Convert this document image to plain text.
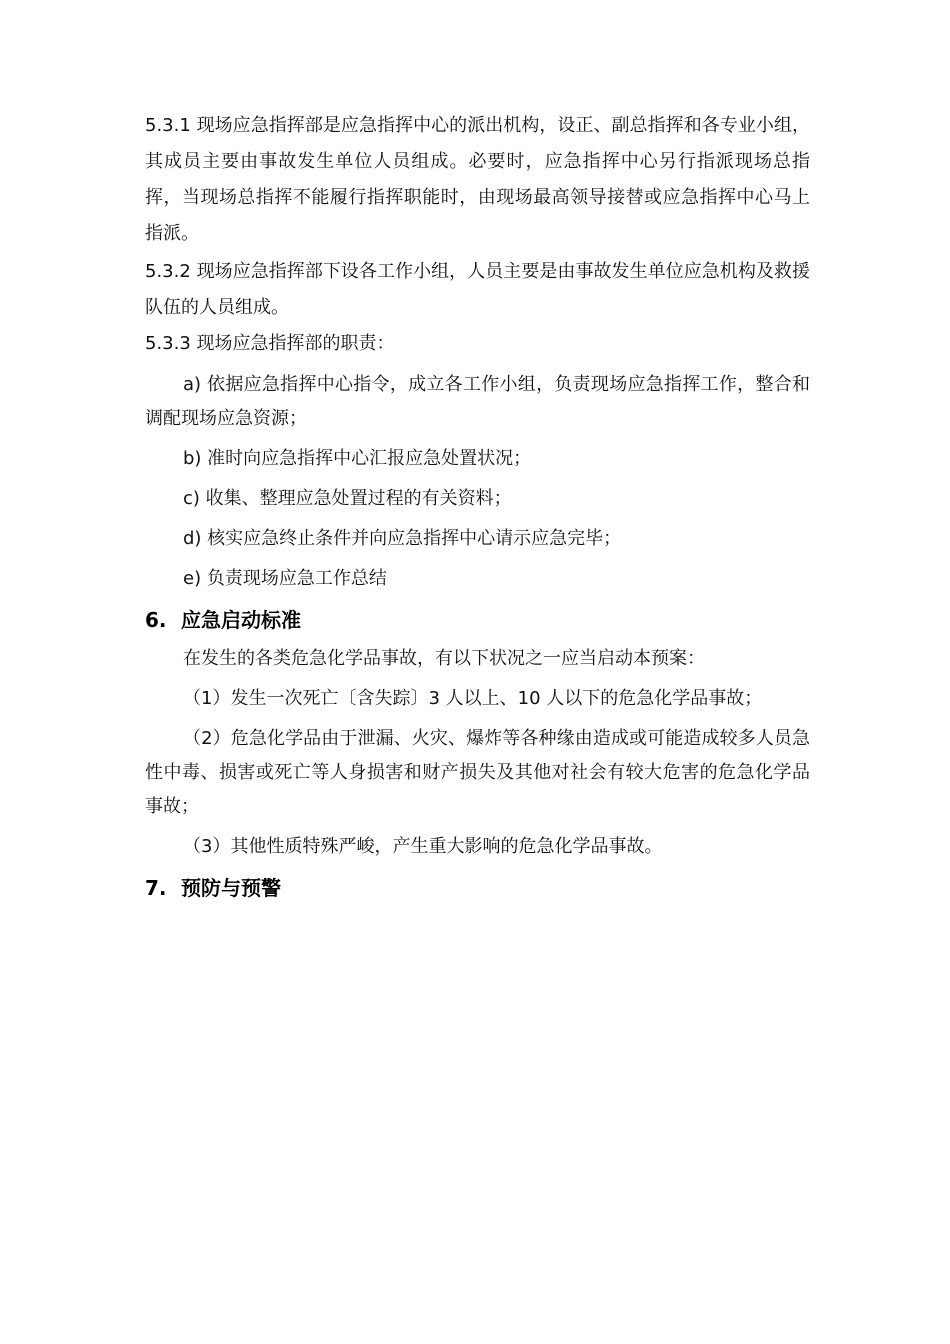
5.3.1 现场应急指挥部是应急指挥中心的派出机构，设正、副总指挥和各专业小组，其成员主要由事故发生单位人员组成。必要时，应急指挥中心另行指派现场总指挥，当现场总指挥不能履行指挥职能时，由现场最高领导接替或应急指挥中心马上指派。

5.3.2 现场应急指挥部下设各工作小组，人员主要是由事故发生单位应急机构及救援队伍的人员组成。

5.3.3 现场应急指挥部的职责：

a) 依据应急指挥中心指令，成立各工作小组，负责现场应急指挥工作，整合和调配现场应急资源；

b) 准时向应急指挥中心汇报应急处置状况；

c) 收集、整理应急处置过程的有关资料；

d) 核实应急终止条件并向应急指挥中心请示应急完毕；

e) 负责现场应急工作总结

6. 应急启动标准

在发生的各类危急化学品事故，有以下状况之一应当启动本预案：

（1）发生一次死亡〔含失踪〕3 人以上、10 人以下的危急化学品事故；

（2）危急化学品由于泄漏、火灾、爆炸等各种缘由造成或可能造成较多人员急性中毒、损害或死亡等人身损害和财产损失及其他对社会有较大危害的危急化学品事故；

（3）其他性质特殊严峻，产生重大影响的危急化学品事故。

7. 预防与预警
